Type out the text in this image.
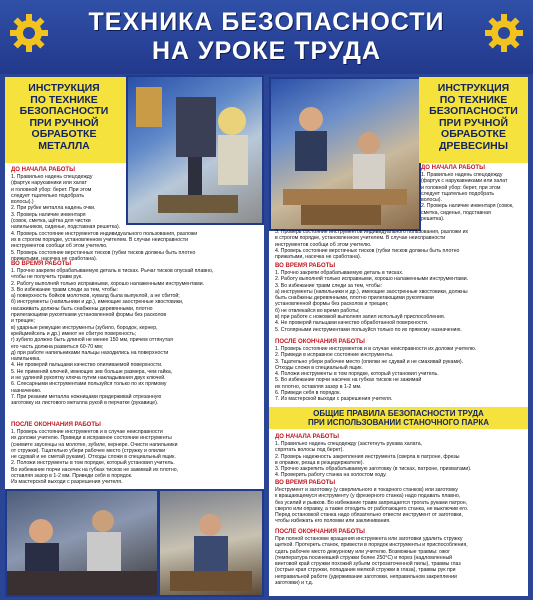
ТЕХНИКА БЕЗОПАСНОСТИ
НА УРОКЕ ТРУДА
ИНСТРУКЦИЯ
ПО ТЕХНИКЕ
БЕЗОПАСНОСТИ
ПРИ РУЧНОЙ
ОБРАБОТКЕ
МЕТАЛЛА
ДО НАЧАЛА РАБОТЫ
1. Правильно надень спецодежду
(фартук нарукавники или халат
и головной убор: берет. При этом
следует тщательно подобрать
волосы).)
2. При рубке металла надень очки.
3. Проверь наличие инвентаря
(совок, сметка, щётка для чистки
напильников, сиденье, подставная решетка).
4. Проверь состояние инструментов индивидуального пользования, разложи
их в строгом порядке, установленном учителем. В случае неисправности
инструментов сообщи об этом учителю.
5. Проверь состояние верстачных тисков (губки тисков должны быть плотно
прижатыми, насечка не сработана).
ВО ВРЕМЯ РАБОТЫ
1. Прочно закрепи обрабатываемую деталь в тисках. Рычаг тисков опускай плавно,
чтобы не получить травм рук.
2. Работу выполняй только исправными, хорошо налаженными инструментами.
3. Во избежание травм следи за тем, чтобы:
а) поверхность бойков молотков, кувалд была выпуклой, а не сбитой;
б) инструменты (напильники и др.), имеющие заостренные хвостовики,
насаживать должны быть снабжены деревянными, плотно
прилегающими рукоятками установленной формы без расколов
и трещин;
в) ударные режущие инструменты (зубило, бородок, кернер,
крейцмейсель и др.) имеют не сбитую поверхность;
г) зубило должно быть длиной не менее 150 мм, причем оттянутая
его часть должна развиться 60-70 мм;
д) при работе напильниками пальцы находились на поверхности
напильника.
4. Не проверяй пальцами качество опиливаемой поверхности.
5. Не применяй ключей, имеющих зев больше размера, чем гайка,
и не удлиняй рукоятку ключа путем накладывания двух ключей.
6. Слесарными инструментами пользуйся только по их прямому
назначению.
7. При резании металла ножницами придерживай отрезанную
заготовку из листового металла рукой в перчатке (рукавице).
ПОСЛЕ ОКОНЧАНИЯ РАБОТЫ
1. Проверь состояние инструментов и в случае неисправности
их доложи учителю. Приведи в исправное состояние инструменты
(снимите заусенцы на молотке, зубиле, кернере. Очисти напильники
от стружки). Тщательно убери рабочее место (стружку и опилки
не сдувай и не сметай руками). Отходы сложи в специальный ящик.
2. Положи инструменты в том порядке, который установил учитель.
Во избежание порчи насечек на губках тисков не зажимай их плотно,
оставляя зазор в 1-2 мм. Приведи себя в порядок.
Из мастерской выходи с разрешения учителя.
ИНСТРУКЦИЯ
ПО ТЕХНИКЕ
БЕЗОПАСНОСТИ
ПРИ РУЧНОЙ
ОБРАБОТКЕ
ДРЕВЕСИНЫ
ДО НАЧАЛА РАБОТЫ
1. Правильно надень спецодежду
(фартук с нарукавниками или халат
и головной убор: берет, при этом
следует тщательно подобрать
волосы).
2. Проверь наличие инвентаря (совок,
сметка, сиденье, подставная
решетка).
3. Проверь состояние инструментов индивидуального пользования, разложи их
в строгом порядке, установленном учителем. В случае неисправности
инструментов сообщи об этом учителю.
4. Проверь состояние верстачных тисков (губки тисков должны быть плотно
прижатыми, насечка не сработана).
ВО ВРЕМЯ РАБОТЫ
1. Прочно закрепи обрабатываемую деталь в тисках.
2. Работу выполняй только исправными, хорошо налаженными инструментами.
3. Во избежание травм следи за тем, чтобы:
а) инструменты (напильники и др.), имеющие заостренные хвостовики, должны
быть снабжены деревянными, плотно прилегающими рукоятками
установленной формы без расколов и трещин;
б) не отвлекайся во время работы;
в) при работе с ножовкой выполняя запил используй приспособления.
4. Не проверяй пальцами качество обработанной поверхности.
5. Столярными инструментами пользуйся только по их прямому назначению.
ПОСЛЕ ОКОНЧАНИЯ РАБОТЫ
1. Проверь состояние инструментов и в случае неисправности их доложи учителю.
2. Приведи в исправное состояние инструменты.
3. Тщательно убери рабочее место (опилки не сдувай и не смахивай руками).
Отходы сложи в специальный ящик.
4. Положи инструменты в том порядке, который установил учитель.
5. Во избежание порчи насечек на губках тисков не зажимай
их плотно, оставляя зазор в 1-2 мм.
6. Приведи себя в порядок.
7. Из мастерской выходи с разрешения учителя.
ОБЩИЕ ПРАВИЛА БЕЗОПАСНОСТИ ТРУДА
ПРИ ИСПОЛЬЗОВАНИИ СТАНОЧНОГО ПАРКА
ДО НАЧАЛА РАБОТЫ
1. Правильно надень спецодежду (застегнуть рукава халата,
спрятать волосы под берет).
2. Проверь надежность закрепления инструмента (сверла в патроне, фрезы
в оправке, резца в резцедержателе).
3. Прочно закрепить обрабатываемую заготовку (в тисках, патроне, прихватами).
4. Проверить работу станка на холостом ходу.
ВО ВРЕМЯ РАБОТЫ
Инструмент и заготовку (у сверлильного и токарного станков) или заготовку
к вращающемуся инструменту (у фрезерного станка) надо подавать плавно,
без усилий и рывков. Во избежание травм запрещается трогать руками патрон,
сверло или оправку, а также отходить от работающего станка, не выключив его.
Перед остановкой станка надо обязательно отвести инструмент от заготовки,
чтобы избежать его поломки или заклинивания.
ПОСЛЕ ОКОНЧАНИЯ РАБОТЫ
При полной остановке вращения инструмента или заготовки удалить стружку
щеткой. Протереть станок, привести в порядок инструменты и приспособления,
сдать рабочее место дежурному или учителю. Возможные травмы: ожог
(температура посиневшей стружки более 250°С) и порез (надломленный
винтовой край стружки похожий зубьям острозаточенной пилы), травмы глаз
(острые края стружки, попадание мелкой стружки в глаза), травмы рук при
неправильной работе (удерживание заготовки, неправильном закреплении
заготовки) и т.д.
